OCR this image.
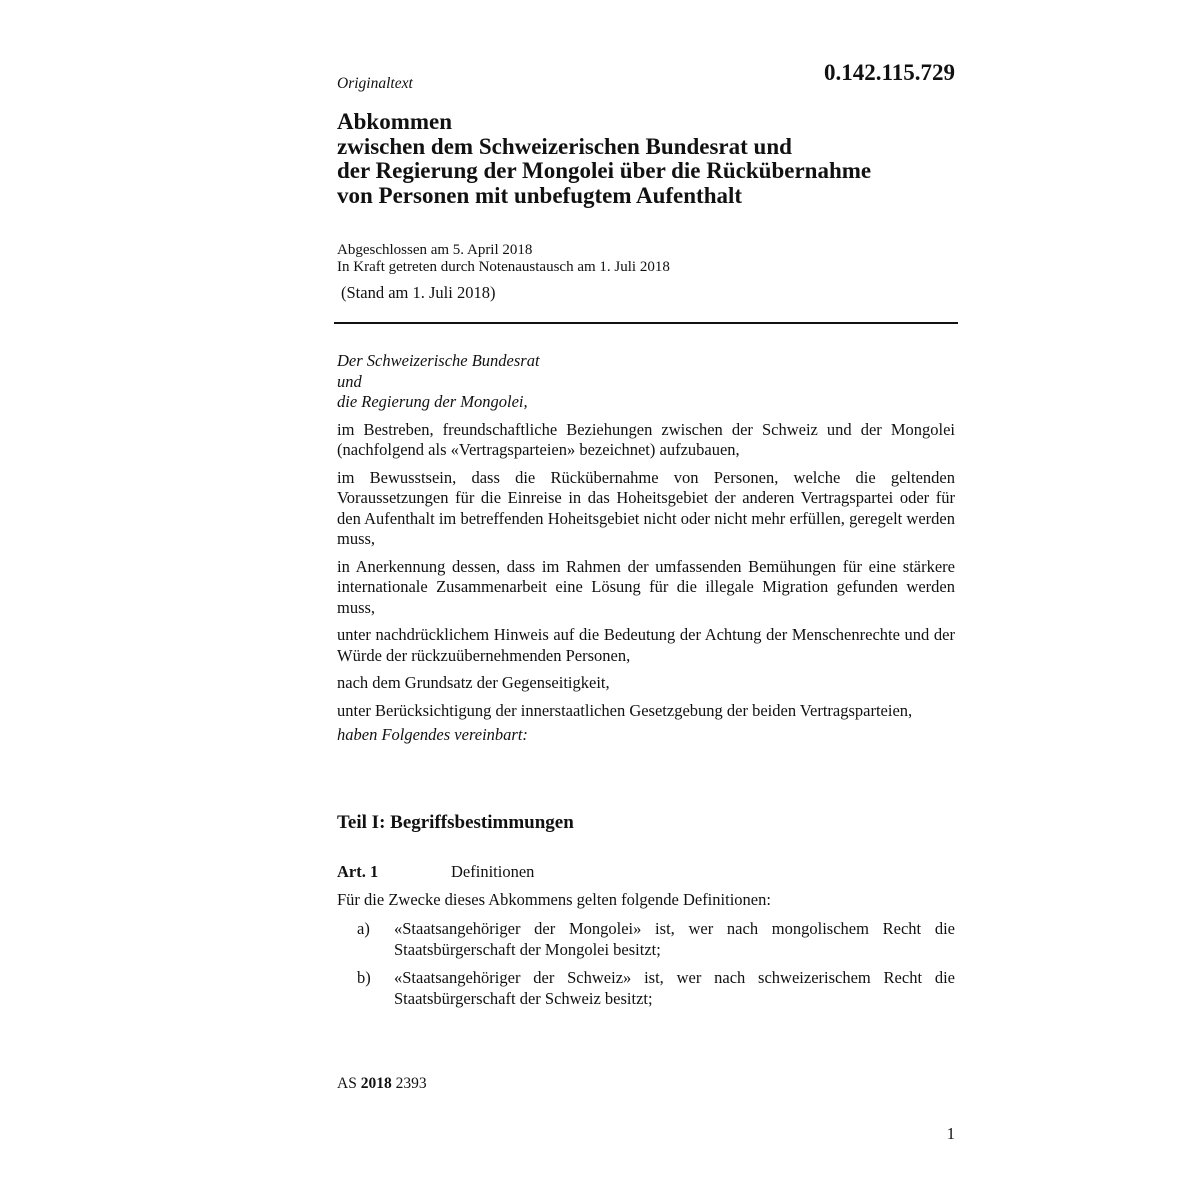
0.142.115.729
Originaltext
Abkommen
zwischen dem Schweizerischen Bundesrat und
der Regierung der Mongolei über die Rückübernahme
von Personen mit unbefugtem Aufenthalt
Abgeschlossen am 5. April 2018
In Kraft getreten durch Notenaustausch am 1. Juli 2018
(Stand am 1. Juli 2018)

Der Schweizerische Bundesrat

und

die Regierung der Mongolei,

im Bestreben, freundschaftliche Beziehungen zwischen der Schweiz und der Mongolei (nachfolgend als «Vertragsparteien» bezeichnet) aufzubauen,

im Bewusstsein, dass die Rückübernahme von Personen, welche die geltenden Voraussetzungen für die Einreise in das Hoheitsgebiet der anderen Vertragspartei oder für den Aufenthalt im betreffenden Hoheitsgebiet nicht oder nicht mehr erfüllen, geregelt werden muss,

in Anerkennung dessen, dass im Rahmen der umfassenden Bemühungen für eine stärkere internationale Zusammenarbeit eine Lösung für die illegale Migration gefunden werden muss,

unter nachdrücklichem Hinweis auf die Bedeutung der Achtung der Menschenrechte und der Würde der rückzuübernehmenden Personen,

nach dem Grundsatz der Gegenseitigkeit,

unter Berücksichtigung der innerstaatlichen Gesetzgebung der beiden Vertragsparteien,

haben Folgendes vereinbart:

Teil I: Begriffsbestimmungen
Art. 1	Definitionen
Für die Zwecke dieses Abkommens gelten folgende Definitionen:
a)	«Staatsangehöriger der Mongolei» ist, wer nach mongolischem Recht die Staatsbürgerschaft der Mongolei besitzt;
b)	«Staatsangehöriger der Schweiz» ist, wer nach schweizerischem Recht die Staatsbürgerschaft der Schweiz besitzt;
AS 2018 2393
1
